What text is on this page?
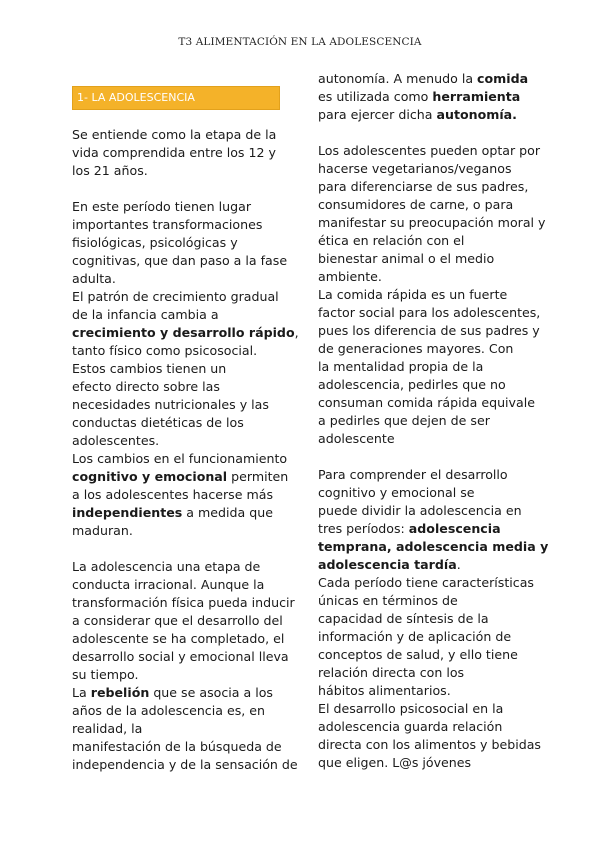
T3 ALIMENTACIÓN EN LA ADOLESCENCIA
1- LA ADOLESCENCIA
Se entiende como la etapa de la
vida comprendida entre los 12 y
los 21 años.
En este período tienen lugar
importantes transformaciones
fisiológicas, psicológicas y
cognitivas, que dan paso a la fase
adulta.
El patrón de crecimiento gradual
de la infancia cambia a
crecimiento y desarrollo rápido,
tanto físico como psicosocial.
Estos cambios tienen un
efecto directo sobre las
necesidades nutricionales y las
conductas dietéticas de los
adolescentes.
Los cambios en el funcionamiento
cognitivo y emocional permiten
a los adolescentes hacerse más
independientes a medida que
maduran.
La adolescencia una etapa de
conducta irracional. Aunque la
transformación física pueda inducir
a considerar que el desarrollo del
adolescente se ha completado, el
desarrollo social y emocional lleva
su tiempo.
La rebelión que se asocia a los
años de la adolescencia es, en
realidad, la
manifestación de la búsqueda de
independencia y de la sensación de
autonomía. A menudo la comida
es utilizada como herramienta
para ejercer dicha autonomía.
Los adolescentes pueden optar por
hacerse vegetarianos/veganos
para diferenciarse de sus padres,
consumidores de carne, o para
manifestar su preocupación moral y
ética en relación con el
bienestar animal o el medio
ambiente.
La comida rápida es un fuerte
factor social para los adolescentes,
pues los diferencia de sus padres y
de generaciones mayores. Con
la mentalidad propia de la
adolescencia, pedirles que no
consuman comida rápida equivale
a pedirles que dejen de ser
adolescente
Para comprender el desarrollo
cognitivo y emocional se
puede dividir la adolescencia en
tres períodos: adolescencia
temprana, adolescencia media y
adolescencia tardía.
Cada período tiene características
únicas en términos de
capacidad de síntesis de la
información y de aplicación de
conceptos de salud, y ello tiene
relación directa con los
hábitos alimentarios.
El desarrollo psicosocial en la
adolescencia guarda relación
directa con los alimentos y bebidas
que eligen. L@s jóvenes
